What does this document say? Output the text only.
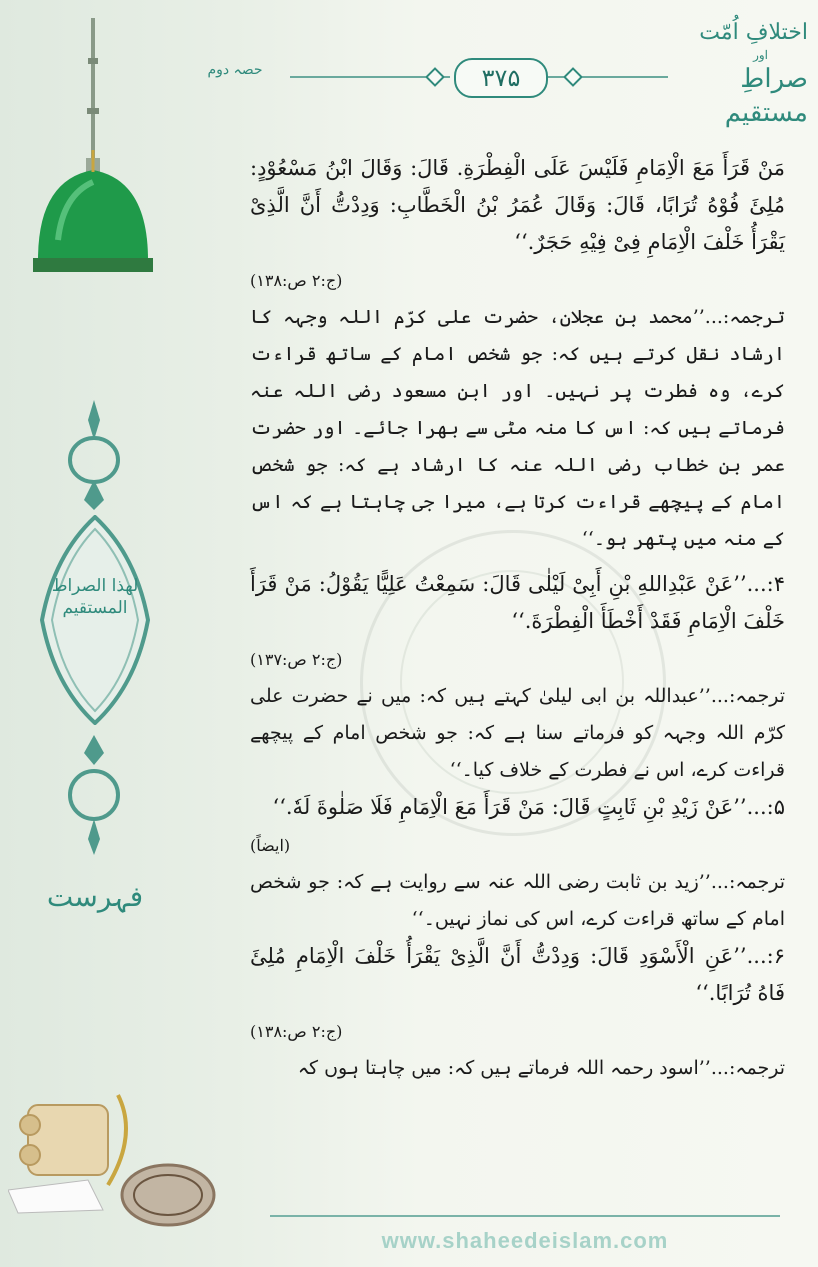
اختلافِ اُمّت
اور
صراطِ مستقیم
۳۷۵
حصہ دوم
لهذا الصراط المستقيم
فہرست

مَنْ قَرَأَ مَعَ الْاِمَامِ فَلَيْسَ عَلَى الْفِطْرَةِ. قَالَ: وَقَالَ ابْنُ مَسْعُوْدٍ: مُلِئَ فُوْهُ تُرَابًا، قَالَ: وَقَالَ عُمَرُ بْنُ الْخَطَّابِ: وَدِدْتُّ أَنَّ الَّذِىْ يَقْرَأُ خَلْفَ الْاِمَامِ فِىْ فِيْهِ حَجَرٌ.‘‘

(ج:۲ ص:۱۳۸)

ترجمہ:...’’محمد بن عجلان، حضرت علی کرّم اللہ وجہہ کا ارشاد نقل کرتے ہیں کہ: جو شخص امام کے ساتھ قراءت کرے، وہ فطرت پر نہیں۔ اور ابنِ مسعود رضی اللہ عنہ فرماتے ہیں کہ: اس کا منہ مٹی سے بھرا جائے۔ اور حضرت عمر بن خطاب رضی اللہ عنہ کا ارشاد ہے کہ: جو شخص امام کے پیچھے قراءت کرتا ہے، میرا جی چاہتا ہے کہ اس کے منہ میں پتھر ہو۔‘‘

۴:...’’عَنْ عَبْدِاللهِ بْنِ أَبِىْ لَيْلٰى قَالَ: سَمِعْتُ عَلِيًّا يَقُوْلُ: مَنْ قَرَأَ خَلْفَ الْاِمَامِ فَقَدْ أَخْطَأَ الْفِطْرَةَ.‘‘

(ج:۲ ص:۱۳۷)

ترجمہ:...’’عبداللہ بن ابی لیلیٰ کہتے ہیں کہ: میں نے حضرت علی کرّم اللہ وجہہ کو فرماتے سنا ہے کہ: جو شخص امام کے پیچھے قراءت کرے، اس نے فطرت کے خلاف کیا۔‘‘

۵:...’’عَنْ زَيْدِ بْنِ ثَابِتٍ قَالَ: مَنْ قَرَأَ مَعَ الْاِمَامِ فَلَا صَلٰوةَ لَهٗ.‘‘

(ایضاً)

ترجمہ:...’’زید بن ثابت رضی اللہ عنہ سے روایت ہے کہ: جو شخص امام کے ساتھ قراءت کرے، اس کی نماز نہیں۔‘‘

۶:...’’عَنِ الْأَسْوَدِ قَالَ: وَدِدْتُّ أَنَّ الَّذِىْ يَقْرَأُ خَلْفَ الْاِمَامِ مُلِئَ فَاهُ تُرَابًا.‘‘

(ج:۲ ص:۱۳۸)

ترجمہ:...’’اسود رحمہ اللہ فرماتے ہیں کہ: میں چاہتا ہوں کہ

www.shaheedeislam.com
